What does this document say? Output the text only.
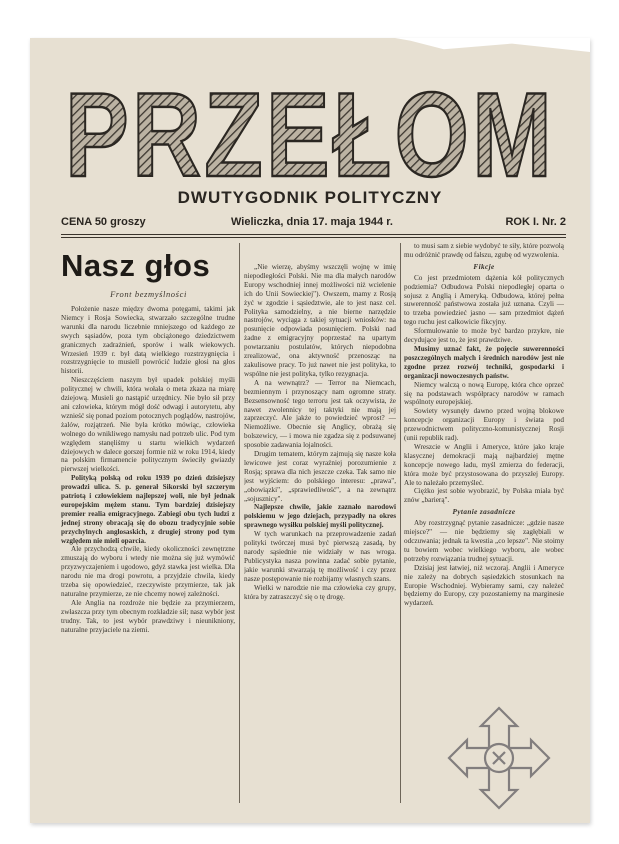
PRZEŁOM
DWUTYGODNIK POLITYCZNY
CENA 50 groszy	Wieliczka, dnia 17. maja 1944 r.	ROK I. Nr. 2
Nasz głos
Front bezmyślności

Położenie nasze między dwoma potęgami, takimi jak Niemcy i Rosja Sowiecka, stwarzało szczególne trudne warunki dla narodu liczebnie mniejszego od każdego ze swych sąsiadów, poza tym obciążonego dziedzictwem granicznych zadrażnień, sporów i walk wiekowych. Wrzesień 1939 r. był datą wielkiego rozstrzygnięcia i rozstrzygnięcie to musiell powrócić ludzie głosi na głos historii.

Nieszczęściem naszym był upadek polskiej myśli politycznej w chwili, która wołała o meta zkaza na miarę dziejową. Musieli go nastąpić urzędnicy. Nie było sił przy ani człowieka, którym mógł dość odwagi i autorytetu, aby wznieść się ponad poziom potocznych poglądów, nastrojów, żalów, rozjątrzeń. Nie była krótko mówiąc, człowieka wolnego do wnikliwego namysłu nad potrzeb ulic. Pod tym względem stanęliśmy u startu wielkich wydarzeń dziejowych w dalece gorszej formie niż w roku 1914, kiedy na polskim firmamencie politycznym świeciły gwiazdy pierwszej wielkości.

Polityką polską od roku 1939 po dzień dzisiejszy prowadzi ulica. S. p. generał Sikorski był szczerym patriotą i człowiekiem najlepszej woli, nie był jednak europejskim mężem stanu. Tym bardziej dzisiejszy premier realia emigracyjnego. Zabiegi obu tych ludzi z jednej strony obracają się do obozu tradycyjnie sobie przychylnych anglosaskich, z drugiej strony pod tym względem nie mieli oparcia.

Ale przychodzą chwile, kiedy okoliczności zewnętrzne zmuszają do wyboru i wtedy nie można się już wymówić przyzwyczajeniem i ugodowo, gdyż stawka jest wielka. Dla narodu nie ma drogi powrotu, a przyjdzie chwila, kiedy trzeba się opowiedzieć, rzeczywiste przymierze, tak jak naturalne przymierze, ze nie chcemy nowej zależności.

Ale Anglia na rozdroże nie będzie za przymierzem, zwłaszcza przy tym obecnym rozkładzie sił; nasz wybór jest trudny. Tak, to jest wybór prawdziwy i nieunikniony, naturalne przyjaciele na ziemi.

„Nie wierzę, abyśmy wszczęli wojnę w imię niepodległości Polski. Nie ma dla małych narodów Europy wschodniej innej możliwości niż wcielenie ich do Unii Sowieckiej"). Owszem, mamy z Rosją żyć w zgodzie i sąsiedztwie, ale to jest nasz cel. Polityka samodzielny, a nie bierne narzędzie nastrojów, wyciąga z takiej sytuacji wniosków: na posunięcie odpowiada posunięciem. Polski nad żadne z emigracyjny poprzestać na upartym powtarzaniu postulatów, których niepodobna zrealizować, ona aktywność przenosząc na zakulisowe pracy. To już nawet nie jest polityka, to wspólne nie jest polityka, tylko rezygnacja.

A na wewnątrz? — Terror na Niemcach, bezmiennym i przynoszący nam ogromne straty. Bezsensowność tego terroru jest tak oczywista, że nawet zwolennicy tej taktyki nie mają jej zaprzeczyć. Ale jakże to powiedzieć wprost? — Niemożliwe. Obecnie się Anglicy, obrażą się bolszewicy, — i mowa nie zgadza się z podsuwanej sposobie zadawania lojalności.

Drugim tematem, którym zajmują się nasze koła lewicowe jest coraz wyraźniej porozumienie z Rosją; sprawa dla nich jeszcze czeka. Tak samo nie jest wyjściem: do polskiego interesu: „prawa", „obowiązki", „sprawiedliwość", a na zewnątrz „sojusznicy".

Najlepsze chwile, jakie zaznało narodowi polskiemu w jego dziejach, przypadły na okres sprawnego wysiłku polskiej myśli politycznej.

W tych warunkach na przeprowadzenie zadań polityki twórczej musi być pierwszą zasadą, by narody sąsiednie nie widziały w nas wroga. Publicystyka nasza powinna zadać sobie pytanie, jakie warunki stwarzają tę możliwość i czy przez nasze postępowanie nie rozbijamy własnych szans.

Wielki w narodzie nie ma człowieka czy grupy, która by zatraszczyć się o tę drogę.

to musi sam z siebie wydobyć te siły, które pozwolą mu odróżnić prawdę od fałszu, zgubę od wyzwolenia.

Fikcje

Co jest przedmiotem dążenia kół politycznych podziemia? Odbudowa Polski niepodległej oparta o sojusz z Anglią i Ameryką. Odbudowa, której pełna suwerenność państwowa została już uznana. Czyli — to trzeba powiedzieć jasno — sam przedmiot dążeń tego ruchu jest całkowicie fikcyjny.

Sformułowanie to może być bardzo przykre, nie decydujące jest to, że jest prawdziwe.

Musimy uznać fakt, że pojęcie suwerenności poszczególnych małych i średnich narodów jest nie zgodne przez rozwój techniki, gospodarki i organizacji nowoczesnych państw.

Niemcy walczą o nową Europę, która chce oprzeć się na podstawach współpracy narodów w ramach wspólnoty europejskiej.

Sowiety wysunęły dawno przed wojną blokowe koncepcje organizacji Europy i świata pod przewodnictwem polityczno-komunistycznej Rosji (unii republik rad).

Wreszcie w Anglii i Ameryce, które jako kraje klasycznej demokracji mają najbardziej mętne koncepcje nowego ładu, myśl zmierza do federacji, która może być przystosowana do przyszłej Europy. Ale to należało przemyśleć.

Ciężko jest sobie wyobrazić, by Polska miała być znów „barierą".

Pytanie zasadnicze

Aby rozstrzygnąć pytanie zasadnicze: „gdzie nasze miejsce?" — nie będziemy się zagłębiali w odczuwania; jednak ta kwestia „co lepsze". Nie stoimy tu bowiem wobec wielkiego wyboru, ale wobec potrzeby rozwiązania trudnej sytuacji.

Dzisiaj jest łatwiej, niż wczoraj. Anglii i Ameryce nie zależy na dobrych sąsiedzkich stosunkach na Europie Wschodniej. Wybieramy sami, czy należeć będziemy do Europy, czy pozostaniemy na marginesie wydarzeń.
